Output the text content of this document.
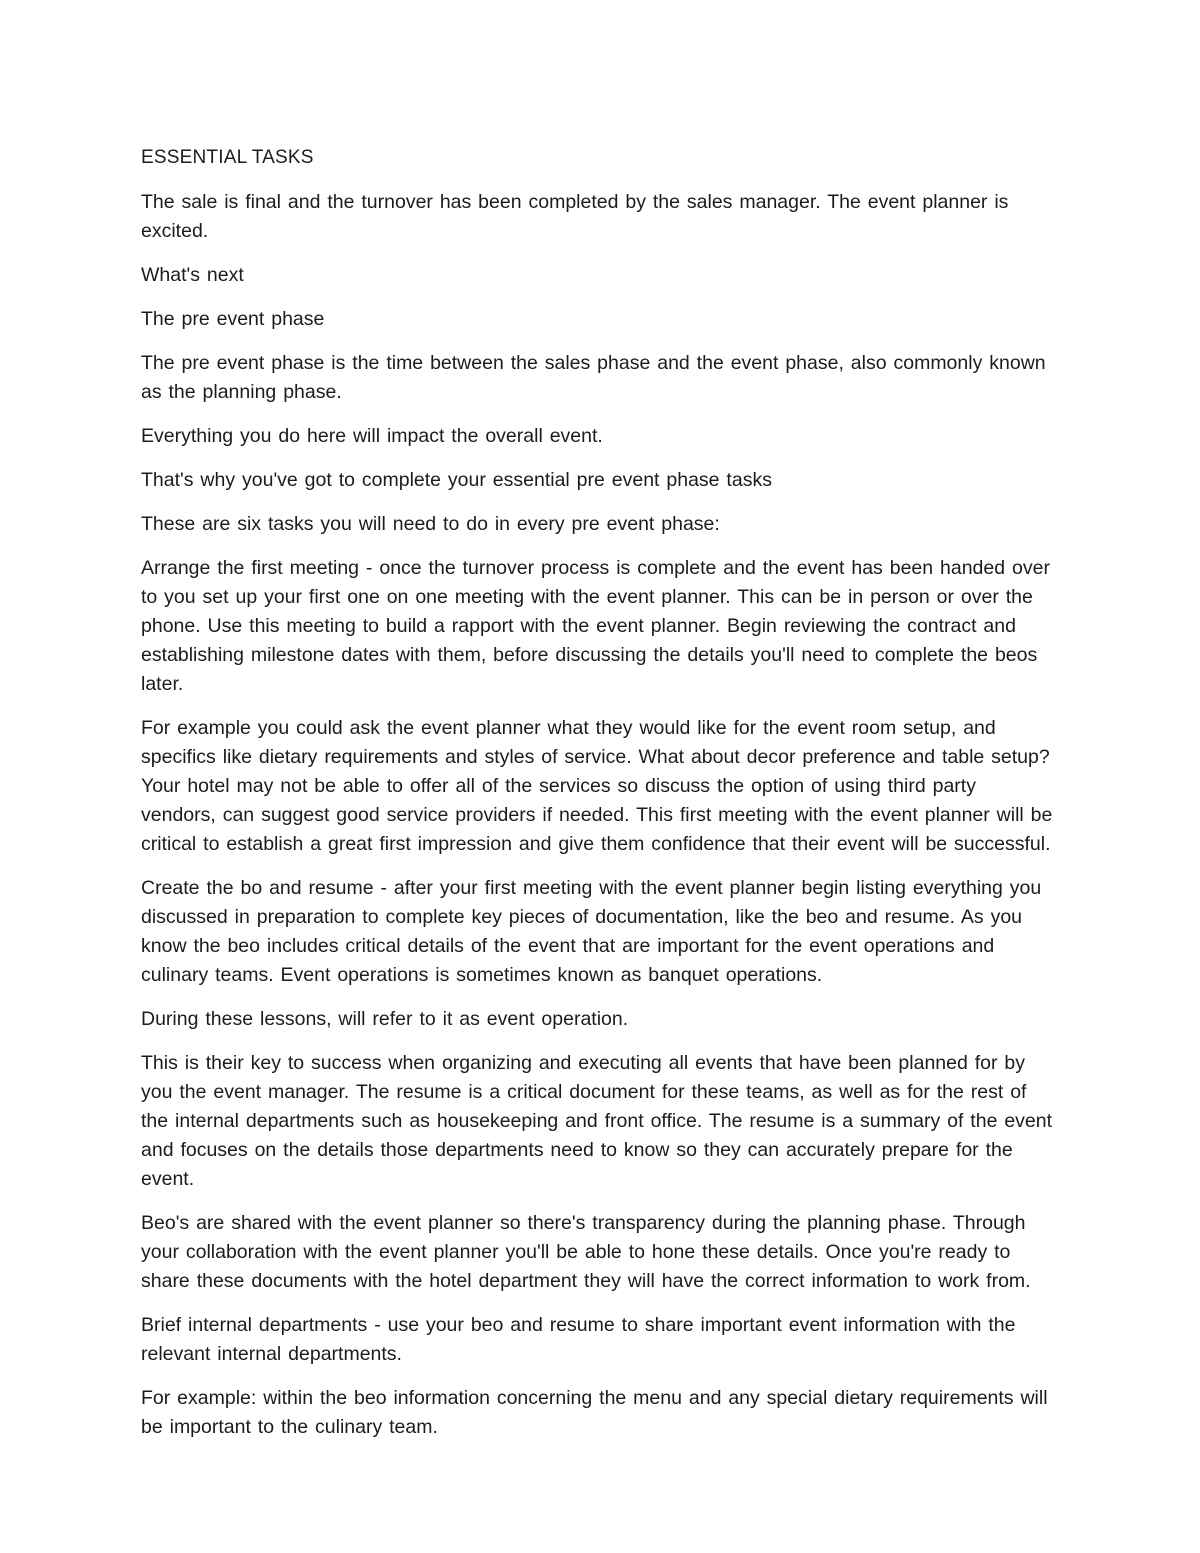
ESSENTIAL TASKS

The sale is final and the turnover has been completed by the sales manager. The event planner is excited.

What's next

The pre event phase

The pre event phase is the time between the sales phase and the event phase, also commonly known as the planning phase.

Everything you do here will impact the overall event.

That's why you've got to complete your essential pre event phase tasks

These are six tasks you will need to do in every pre event phase:

Arrange the first meeting - once the turnover process is complete and the event has been handed over to you set up your first one on one meeting with the event planner. This can be in person or over the phone. Use this meeting to build a rapport with the event planner. Begin reviewing the contract and establishing milestone dates with them, before discussing the details you'll need to complete the beos later.

For example you could ask the event planner what they would like for the event room setup, and specifics like dietary requirements and styles of service. What about decor preference and table setup? Your hotel may not be able to offer all of the services so discuss the option of using third party vendors, can suggest good service providers if needed. This first meeting with the event planner will be critical to establish a great first impression and give them confidence that their event will be successful.

Create the bo and resume - after your first meeting with the event planner begin listing everything you discussed in preparation to complete key pieces of documentation, like the beo and resume. As you know the beo includes critical details of the event that are important for the event operations and culinary teams. Event operations is sometimes known as banquet operations.

During these lessons, will refer to it as event operation.

This is their key to success when organizing and executing all events that have been planned for by you the event manager. The resume is a critical document for these teams, as well as for the rest of the internal departments such as housekeeping and front office. The resume is a summary of the event and focuses on the details those departments need to know so they can accurately prepare for the event.

Beo's are shared with the event planner so there's transparency during the planning phase. Through your collaboration with the event planner you'll be able to hone these details. Once you're ready to share these documents with the hotel department they will have the correct information to work from.

Brief internal departments - use your beo and resume to share important event information with the relevant internal departments.

For example: within the beo information concerning the menu and any special dietary requirements will be important to the culinary team.
